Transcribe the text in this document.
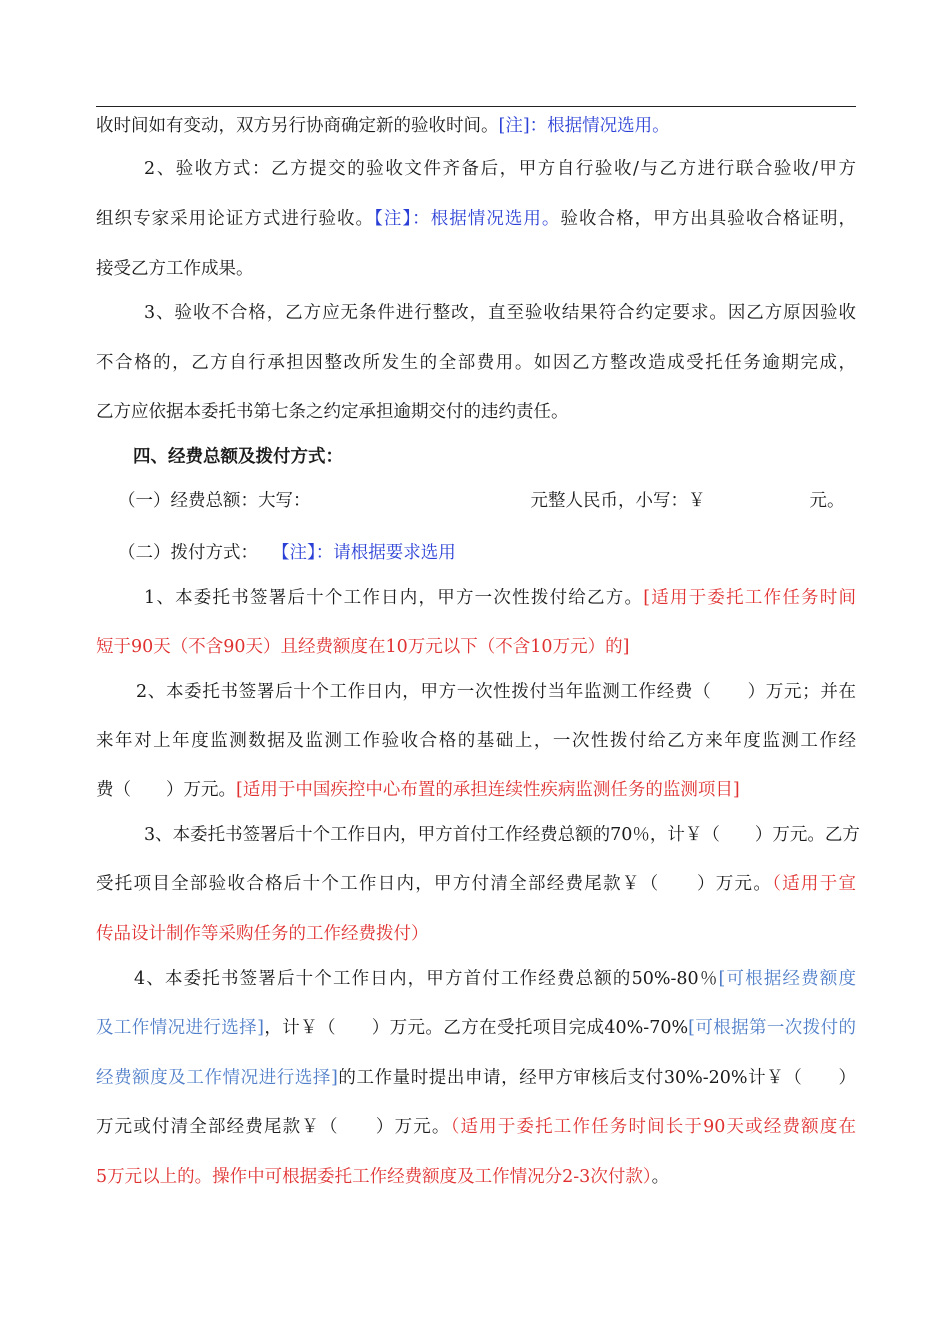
收时间如有变动，双方另行协商确定新的验收时间。[注]：根据情况选用。
2、验收方式：乙方提交的验收文件齐备后，甲方自行验收/与乙方进行联合验收/甲方
组织专家采用论证方式进行验收。【注】：根据情况选用。验收合格，甲方出具验收合格证明，
接受乙方工作成果。
3、验收不合格，乙方应无条件进行整改，直至验收结果符合约定要求。因乙方原因验收
不合格的，乙方自行承担因整改所发生的全部费用。如因乙方整改造成受托任务逾期完成，
乙方应依据本委托书第七条之约定承担逾期交付的违约责任。
四、经费总额及拨付方式：
（一）经费总额：大写：	元整人民币，小写：￥	元。
（二）拨付方式： 【注】：请根据要求选用
1、本委托书签署后十个工作日内，甲方一次性拨付给乙方。[适用于委托工作任务时间
短于90天（不含90天）且经费额度在10万元以下（不含10万元）的]
2、本委托书签署后十个工作日内，甲方一次性拨付当年监测工作经费（　　）万元；并在
来年对上年度监测数据及监测工作验收合格的基础上，一次性拨付给乙方来年度监测工作经
费（　　）万元。[适用于中国疾控中心布置的承担连续性疾病监测任务的监测项目]
3、本委托书签署后十个工作日内，甲方首付工作经费总额的70％，计￥（　　）万元。乙方
受托项目全部验收合格后十个工作日内，甲方付清全部经费尾款￥（　　）万元。（适用于宣
传品设计制作等采购任务的工作经费拨付）
4、本委托书签署后十个工作日内，甲方首付工作经费总额的50%-80％[可根据经费额度
及工作情况进行选择]，计￥（　　）万元。乙方在受托项目完成40%-70%[可根据第一次拨付的
经费额度及工作情况进行选择]的工作量时提出申请，经甲方审核后支付30%-20%计￥（　　）
万元或付清全部经费尾款￥（　　）万元。（适用于委托工作任务时间长于90天或经费额度在
5万元以上的。操作中可根据委托工作经费额度及工作情况分2-3次付款）。
